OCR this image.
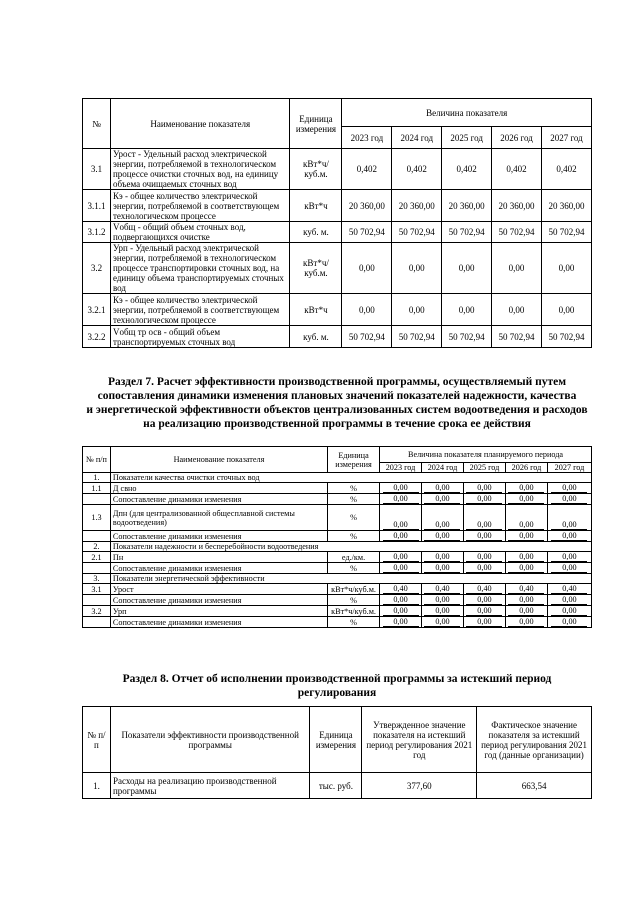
№	Наименование показателя	Единица измерения	Величина показателя				
			2023 год	2024 год	2025 год	2026 год	2027 год
3.1	Урост - Удельный расход электрической энергии, потребляемой в технологическом процессе очистки сточных вод, на единицу объема очищаемых сточных вод	кВт*ч/куб.м.	0,402	0,402	0,402	0,402	0,402
3.1.1	Кэ - общее количество электрической энергии, потребляемой в соответствующем технологическом процессе	кВт*ч	20 360,00	20 360,00	20 360,00	20 360,00	20 360,00
3.1.2	Vобщ - общий объем сточных вод, подвергающихся очистке	куб. м.	50 702,94	50 702,94	50 702,94	50 702,94	50 702,94
3.2	Урп - Удельный расход электрической энергии, потребляемой в технологическом процессе транспортировки сточных вод, на единицу объема транспортируемых сточных вод	кВт*ч/куб.м.	0,00	0,00	0,00	0,00	0,00
3.2.1	Кэ - общее количество электрической энергии, потребляемой в соответствующем технологическом процессе	кВт*ч	0,00	0,00	0,00	0,00	0,00
3.2.2	Vобщ тр осв - общий объем транспортируемых сточных вод	куб. м.	50 702,94	50 702,94	50 702,94	50 702,94	50 702,94
Раздел 7. Расчет эффективности производственной программы, осуществляемый путем
сопоставления динамики изменения плановых значений показателей надежности, качества
и энергетической эффективности объектов централизованных систем водоотведения и расходов
на реализацию производственной программы в течение срока ее действия
№ п/п	Наименование показателя	Единица измерения	Величина показателя планируемого периода				
			2023 год	2024 год	2025 год	2026 год	2027 год
1.	Показатели качества очистки сточных вод						
1.1	Д свно	%	0,00	0,00	0,00	0,00	0,00
	Сопоставление динамики изменения	%	0,00	0,00	0,00	0,00	0,00
1.3	Дпн (для централизованной общесплавной системы водоотведения)	%	0,00	0,00	0,00	0,00	0,00
	Сопоставление динамики изменения	%	0,00	0,00	0,00	0,00	0,00
2.	Показатели надежности и бесперебойности водоотведения						
2.1	Пн	ед./км.	0,00	0,00	0,00	0,00	0,00
	Сопоставление динамики изменения	%	0,00	0,00	0,00	0,00	0,00
3.	Показатели энергетической эффективности						
3.1	Урост	кВт*ч/куб.м.	0,40	0,40	0,40	0,40	0,40
	Сопоставление динамики изменения	%	0,00	0,00	0,00	0,00	0,00
3.2	Урп	кВт*ч/куб.м.	0,00	0,00	0,00	0,00	0,00
	Сопоставление динамики изменения	%	0,00	0,00	0,00	0,00	0,00
Раздел 8. Отчет об исполнении производственной программы за истекший период
регулирования
№ п/п	Показатели эффективности производственной программы	Единица измерения	Утвержденное значение показателя на истекший период регулирования 2021 год	Фактическое значение показателя за истекший период регулирования 2021 год (данные организации)
1.	Расходы на реализацию производственной программы	тыс. руб.	377,60	663,54
